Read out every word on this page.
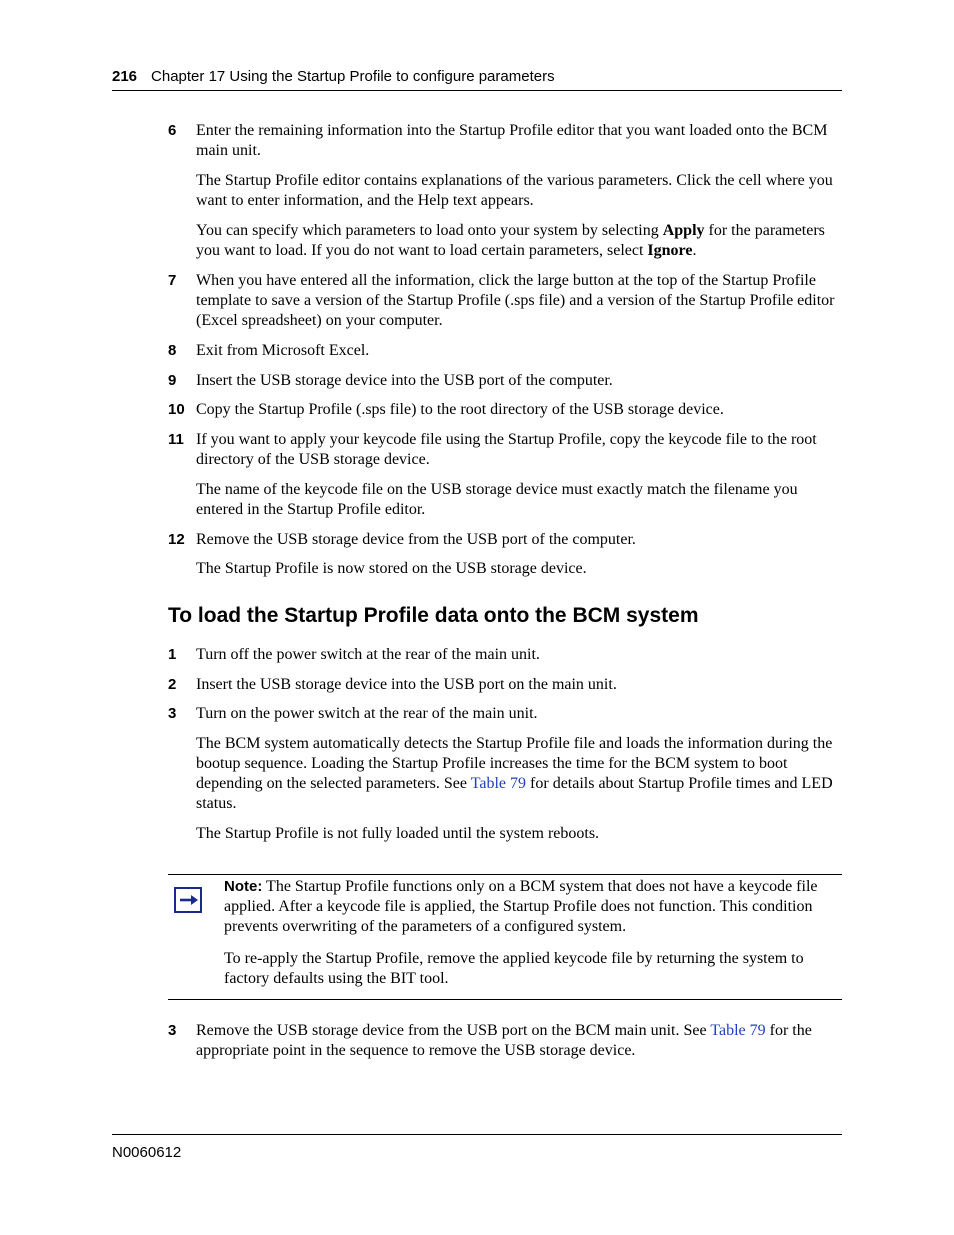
216 Chapter 17 Using the Startup Profile to configure parameters
6 Enter the remaining information into the Startup Profile editor that you want loaded onto the BCM main unit.
The Startup Profile editor contains explanations of the various parameters. Click the cell where you want to enter information, and the Help text appears.
You can specify which parameters to load onto your system by selecting Apply for the parameters you want to load. If you do not want to load certain parameters, select Ignore.
7 When you have entered all the information, click the large button at the top of the Startup Profile template to save a version of the Startup Profile (.sps file) and a version of the Startup Profile editor (Excel spreadsheet) on your computer.
8 Exit from Microsoft Excel.
9 Insert the USB storage device into the USB port of the computer.
10 Copy the Startup Profile (.sps file) to the root directory of the USB storage device.
11 If you want to apply your keycode file using the Startup Profile, copy the keycode file to the root directory of the USB storage device.
The name of the keycode file on the USB storage device must exactly match the filename you entered in the Startup Profile editor.
12 Remove the USB storage device from the USB port of the computer.
The Startup Profile is now stored on the USB storage device.
To load the Startup Profile data onto the BCM system
1 Turn off the power switch at the rear of the main unit.
2 Insert the USB storage device into the USB port on the main unit.
3 Turn on the power switch at the rear of the main unit.
The BCM system automatically detects the Startup Profile file and loads the information during the bootup sequence. Loading the Startup Profile increases the time for the BCM system to boot depending on the selected parameters. See Table 79 for details about Startup Profile times and LED status.
The Startup Profile is not fully loaded until the system reboots.
Note: The Startup Profile functions only on a BCM system that does not have a keycode file applied. After a keycode file is applied, the Startup Profile does not function. This condition prevents overwriting of the parameters of a configured system.
To re-apply the Startup Profile, remove the applied keycode file by returning the system to factory defaults using the BIT tool.
3 Remove the USB storage device from the USB port on the BCM main unit. See Table 79 for the appropriate point in the sequence to remove the USB storage device.
N0060612
